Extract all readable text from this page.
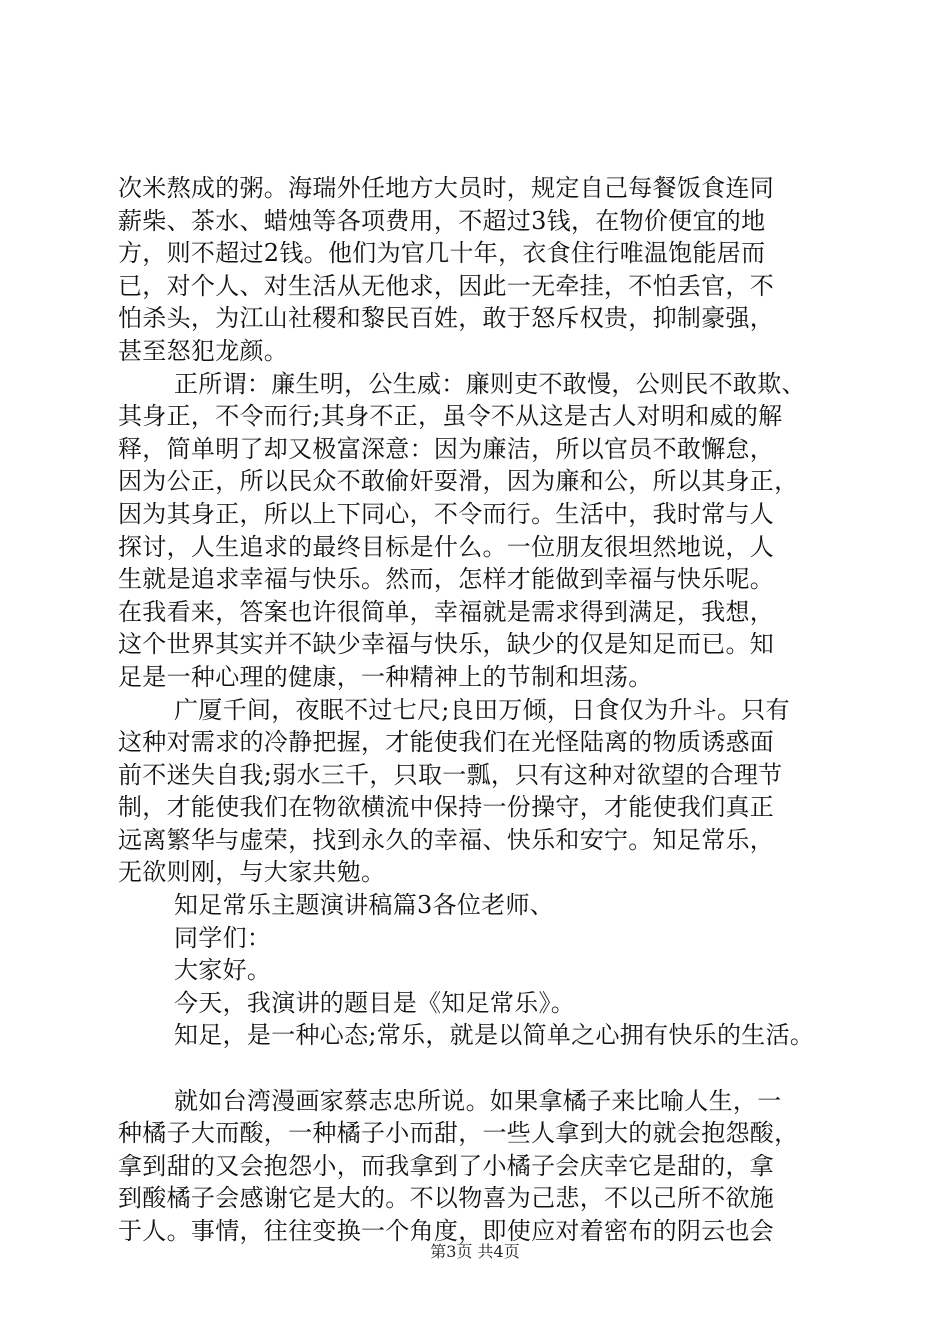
次米熬成的粥。海瑞外任地方大员时，规定自己每餐饭食连同
薪柴、茶水、蜡烛等各项费用，不超过3钱，在物价便宜的地
方，则不超过2钱。他们为官几十年，衣食住行唯温饱能居而
已，对个人、对生活从无他求，因此一无牵挂，不怕丢官，不
怕杀头，为江山社稷和黎民百姓，敢于怒斥权贵，抑制豪强，
甚至怒犯龙颜。
正所谓：廉生明，公生威：廉则吏不敢慢，公则民不敢欺、
其身正，不令而行;其身不正，虽令不从这是古人对明和威的解
释，简单明了却又极富深意：因为廉洁，所以官员不敢懈怠，
因为公正，所以民众不敢偷奸耍滑，因为廉和公，所以其身正，
因为其身正，所以上下同心，不令而行。生活中，我时常与人
探讨，人生追求的最终目标是什么。一位朋友很坦然地说，人
生就是追求幸福与快乐。然而，怎样才能做到幸福与快乐呢。
在我看来，答案也许很简单，幸福就是需求得到满足，我想，
这个世界其实并不缺少幸福与快乐，缺少的仅是知足而已。知
足是一种心理的健康，一种精神上的节制和坦荡。
广厦千间，夜眠不过七尺;良田万倾，日食仅为升斗。只有
这种对需求的冷静把握，才能使我们在光怪陆离的物质诱惑面
前不迷失自我;弱水三千，只取一瓢，只有这种对欲望的合理节
制，才能使我们在物欲横流中保持一份操守，才能使我们真正
远离繁华与虚荣，找到永久的幸福、快乐和安宁。知足常乐，
无欲则刚，与大家共勉。
知足常乐主题演讲稿篇3各位老师、
同学们：
大家好。
今天，我演讲的题目是《知足常乐》。
知足，是一种心态;常乐，就是以简单之心拥有快乐的生活。
就如台湾漫画家蔡志忠所说。如果拿橘子来比喻人生，一
种橘子大而酸，一种橘子小而甜，一些人拿到大的就会抱怨酸，
拿到甜的又会抱怨小，而我拿到了小橘子会庆幸它是甜的，拿
到酸橘子会感谢它是大的。不以物喜为己悲，不以己所不欲施
于人。事情，往往变换一个角度，即使应对着密布的阴云也会
第3页 共4页
